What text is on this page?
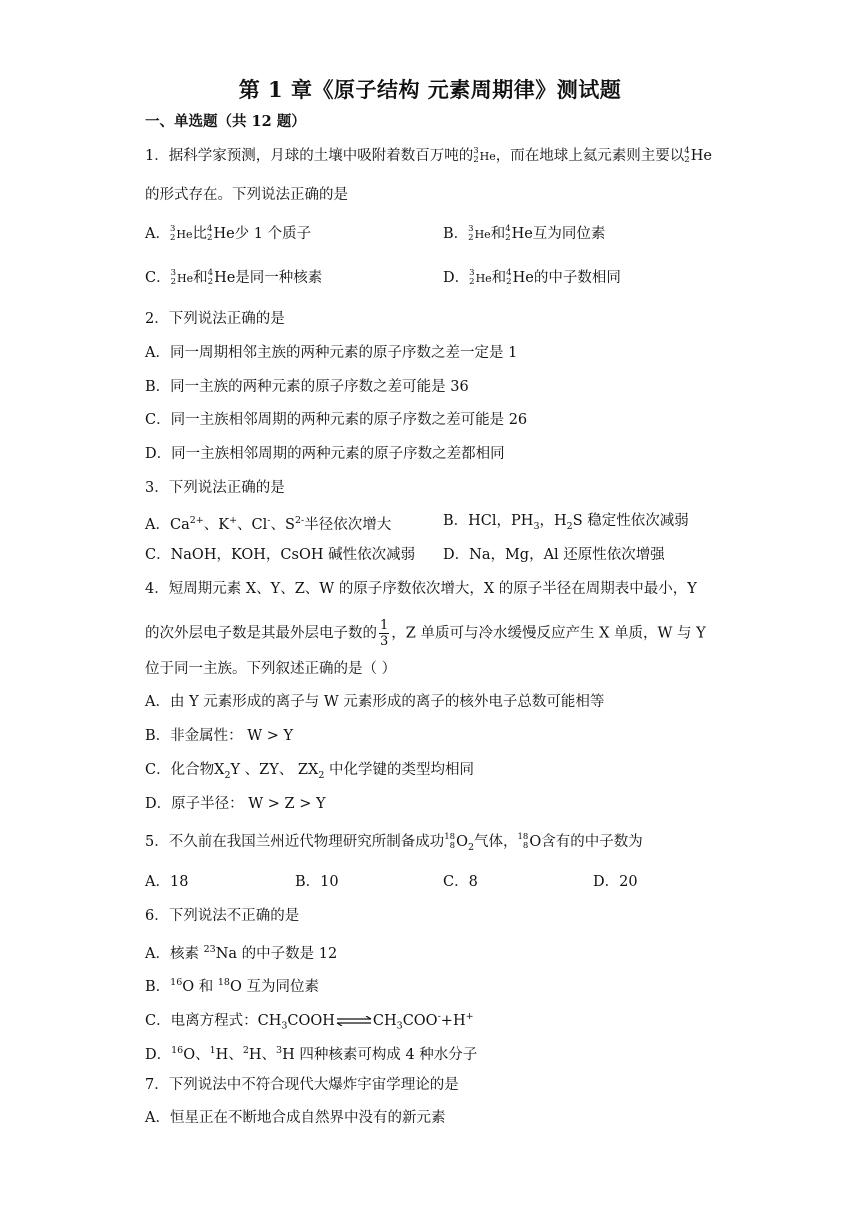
第 1 章《原子结构 元素周期律》测试题
一、单选题（共 12 题）
1．据科学家预测，月球的土壤中吸附着数百万吨的 3
2 He，而在地球上氦元素则主要以 4
2 He
的形式存在。下列说法正确的是
A． 3
2 He比 4
2 He少 1 个质子	B． 3
2 He和 4
2 He互为同位素
C． 3
2 He和 4
2 He是同一种核素	D． 3
2 He和 4
2 He的中子数相同
2．下列说法正确的是
A．同一周期相邻主族的两种元素的原子序数之差一定是 1
B．同一主族的两种元素的原子序数之差可能是 36
C．同一主族相邻周期的两种元素的原子序数之差可能是 26
D．同一主族相邻周期的两种元素的原子序数之差都相同
3．下列说法正确的是
A．$Ca^{2+}$、K+、Cl-、$S^{2-}$半径依次增大	B．HCl，$PH_3$，$H_2S$ 稳定性依次减弱
C．NaOH，KOH，CsOH 碱性依次减弱 D．Na，Mg，Al 还原性依次增强
4．短周期元素 X、Y、Z、W 的原子序数依次增大，X 的原子半径在周期表中最小，Y
的次外层电子数是其最外层电子数的 $\frac{1}{3}$ ，Z 单质可与冷水缓慢反应产生 X 单质，W 与 Y
位于同一主族。下列叙述正确的是（ ）
A．由 Y 元素形成的离子与 W 元素形成的离子的核外电子总数可能相等
B．非金属性： W > Y
C．化合物$X_2Y$ 、ZY、 $ZX_2$ 中化学键的类型均相同
D．原子半径： W > Z > Y
5．不久前在我国兰州近代物理研究所制备成功 18
8 $O_2$气体， 18
8 O含有的中子数为
A．18	B．10	C．8	D．20
6．下列说法不正确的是
A．核素 $^{23}$Na 的中子数是 12
B．$^{16}$O 和 $^{18}$O 互为同位素
C．电离方程式：$CH_3COOH\rightleftharpoons CH_3COO^-+H^+$
D．$^{16}$O、$^1$H、$^2$H、$^3$H 四种核素可构成 4 种水分子
7．下列说法中不符合现代大爆炸宇宙学理论的是
A．恒星正在不断地合成自然界中没有的新元素
